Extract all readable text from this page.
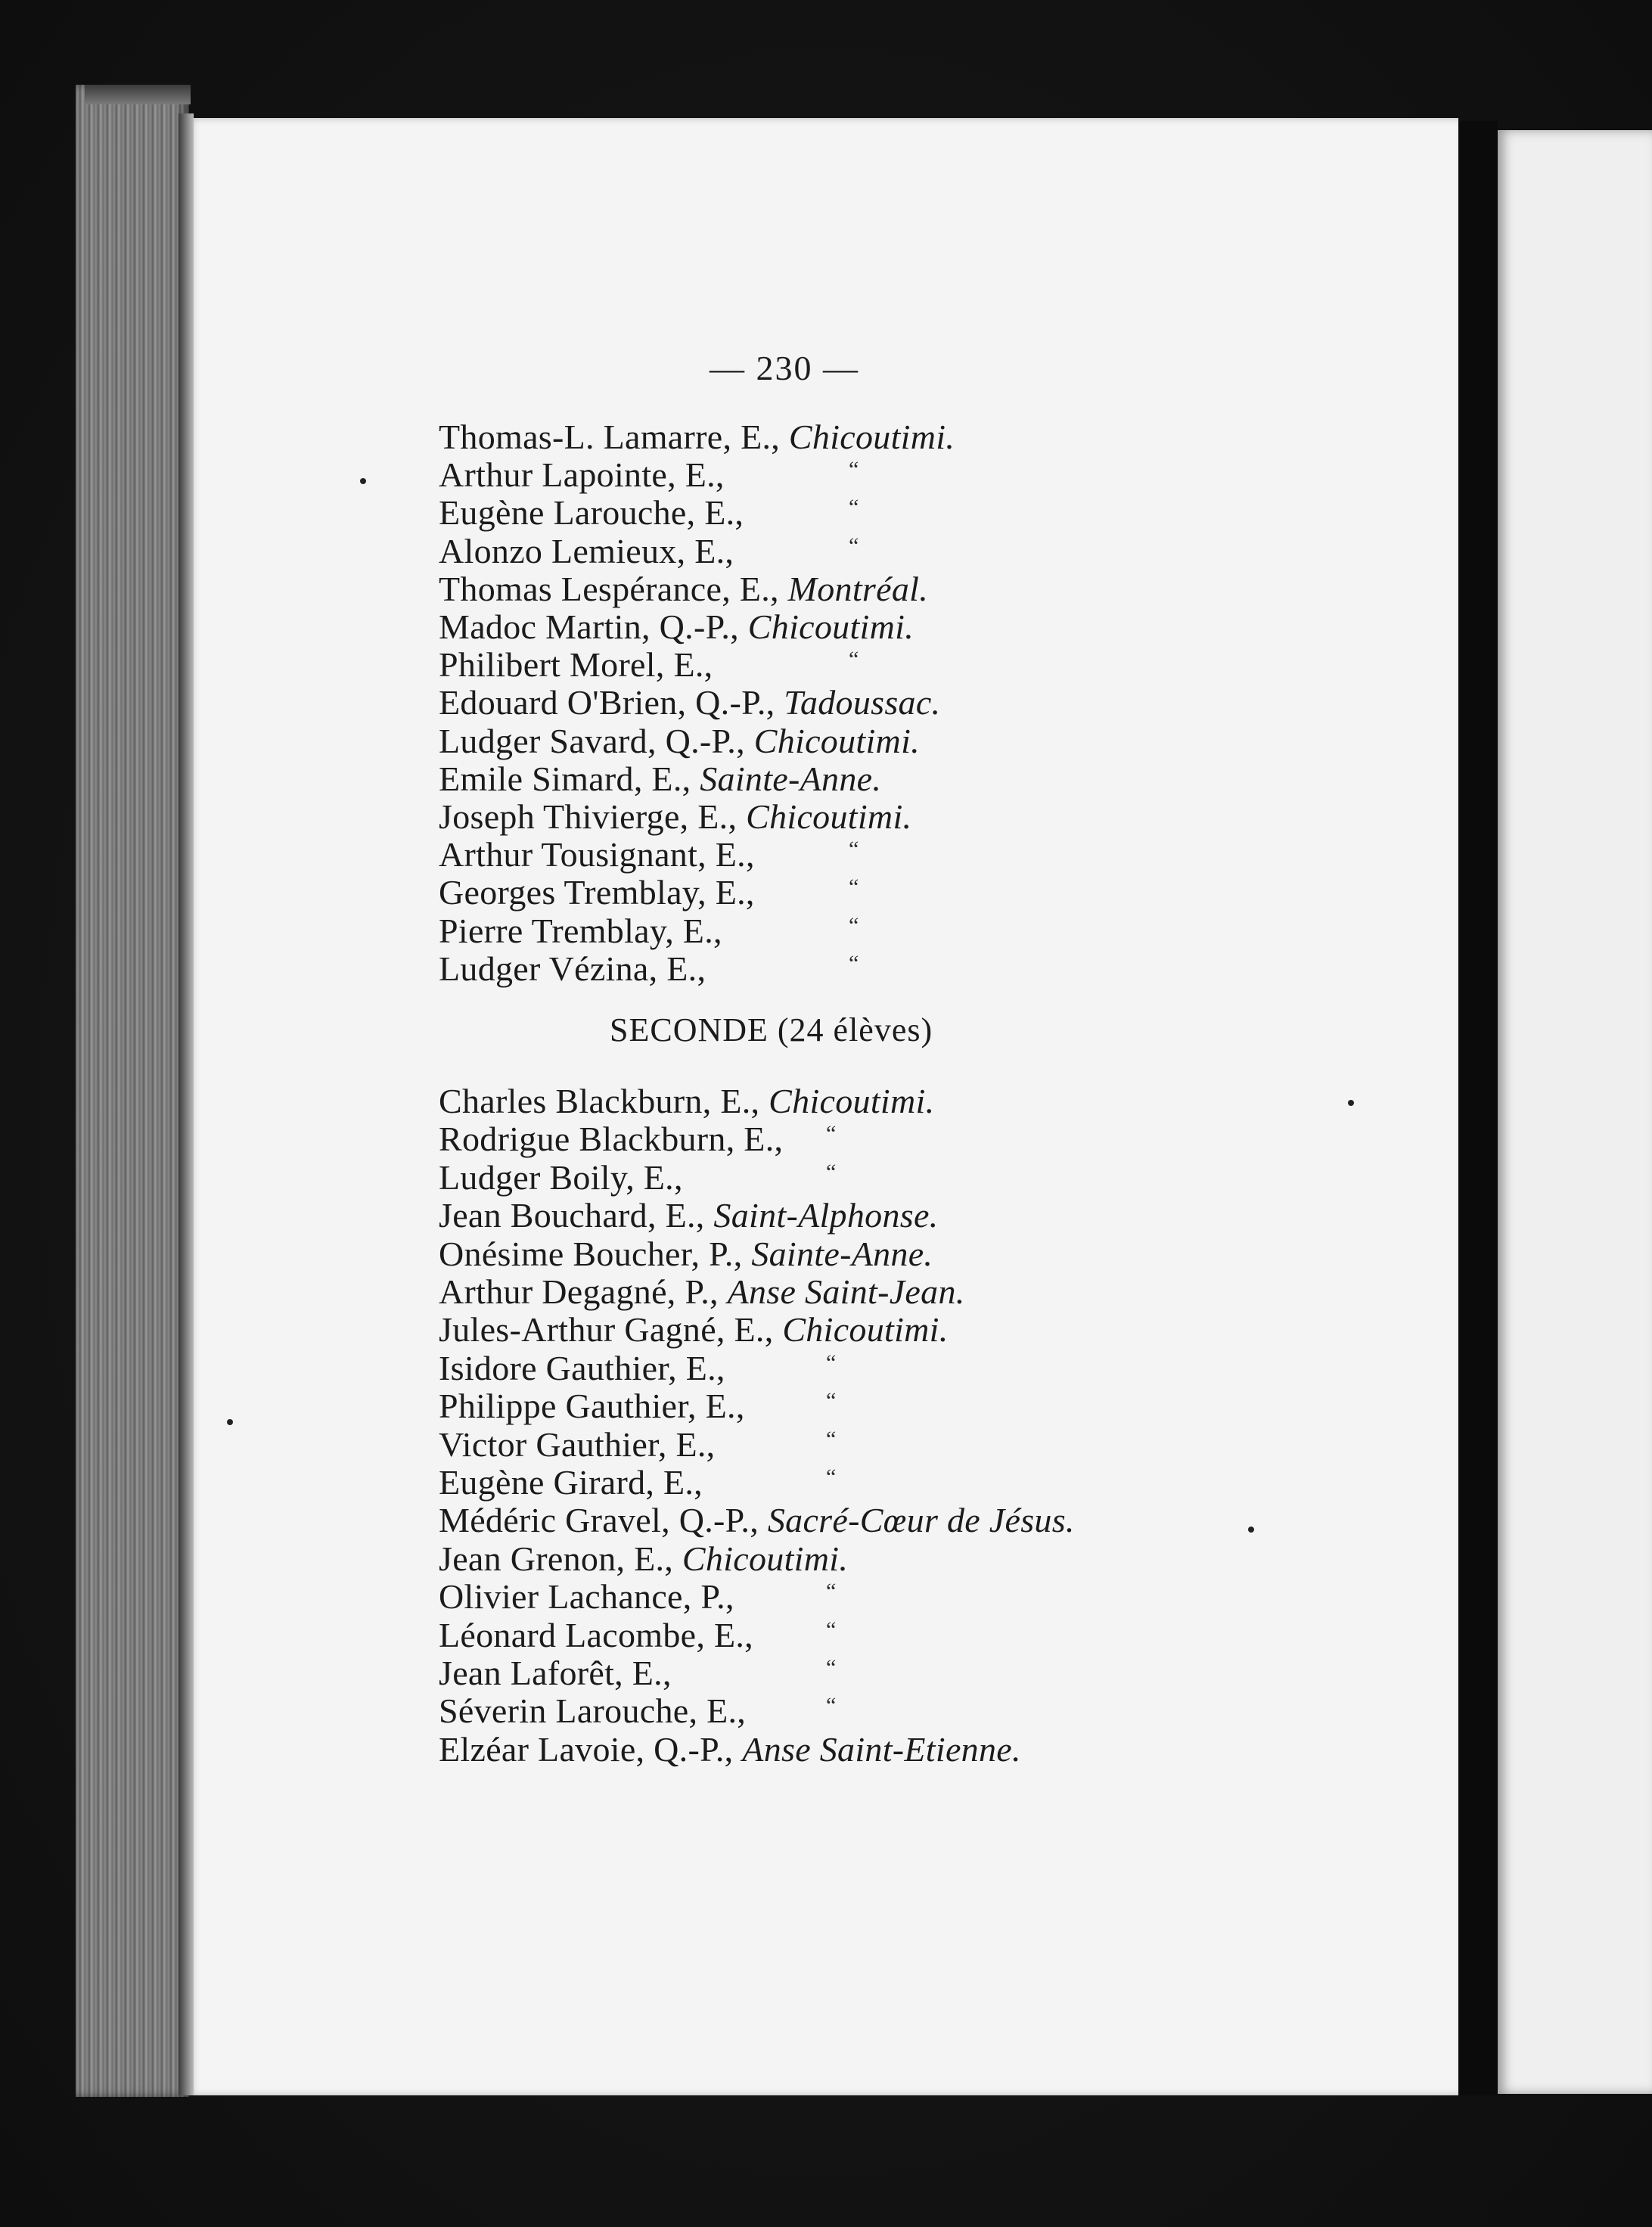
— 230 —
Thomas-L. Lamarre, E., Chicoutimi.
Arthur Lapointe, E.,	“
Eugène Larouche, E.,	“
Alonzo Lemieux, E.,	“
Thomas Lespérance, E., Montréal.
Madoc Martin, Q.-P., Chicoutimi.
Philibert Morel, E.,	“
Edouard O'Brien, Q.-P., Tadoussac.
Ludger Savard, Q.-P., Chicoutimi.
Emile Simard, E., Sainte-Anne.
Joseph Thivierge, E., Chicoutimi.
Arthur Tousignant, E.,	“
Georges Tremblay, E.,	“
Pierre Tremblay, E.,	“
Ludger Vézina, E.,	“
Charles Blackburn, E., Chicoutimi.
Rodrigue Blackburn, E., “
Ludger Boily, E.,	“
Jean Bouchard, E., Saint-Alphonse.
Onésime Boucher, P., Sainte-Anne.
Arthur Degagné, P., Anse Saint-Jean.
Jules-Arthur Gagné, E., Chicoutimi.
Isidore Gauthier, E.,	“
Philippe Gauthier, E.,	“
Victor Gauthier, E.,	“
Eugène Girard, E.,	“
Médéric Gravel, Q.-P., Sacré-Cœur de Jésus.
Jean Grenon, E., Chicoutimi.
Olivier Lachance, P.,	“
Léonard Lacombe, E.,	“
Jean Laforêt, E.,	“
Séverin Larouche, E.,	“
Elzéar Lavoie, Q.-P., Anse Saint-Etienne.
SECONDE (24 élèves)
